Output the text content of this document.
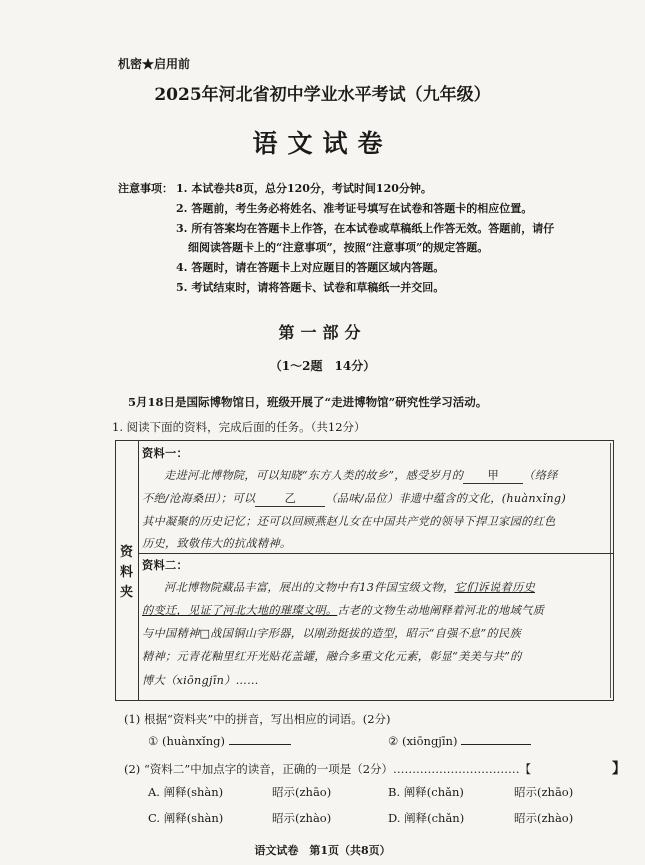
机密★启用前
2025年河北省初中学业水平考试（九年级）
语文试卷
注意事项： 1. 本试卷共8页，总分120分，考试时间120分钟。
2. 答题前，考生务必将姓名、准考证号填写在试卷和答题卡的相应位置。
3. 所有答案均在答题卡上作答，在本试卷或草稿纸上作答无效。答题前，请仔
细阅读答题卡上的“注意事项”，按照“注意事项”的规定答题。
4. 答题时，请在答题卡上对应题目的答题区域内答题。
5. 考试结束时，请将答题卡、试卷和草稿纸一并交回。
第一部分
（1～2题　14分）
5月18日是国际博物馆日，班级开展了“走进博物馆”研究性学习活动。
1. 阅读下面的资料，完成后面的任务。（共12分）
资
料
夹
资料一：
走进河北博物院，可以知晓“东方人类的故乡”，感受岁月的 甲 （络绎
不绝/沧海桑田）；可以	乙	（品味/品位）非遗中蕴含的文化，(huànxǐng)
其中凝聚的历史记忆；还可以回顾燕赵儿女在中国共产党的领导下捍卫家园的红色
历史，致敬伟大的抗战精神。
资料二：
河北博物院藏品丰富，展出的文物中有13件国宝级文物，它们诉说着历史
的变迁，见证了河北大地的璀璨文明。古老的文物生动地阐释着河北的地域气质
与中国精神□战国铜山字形器，以刚劲挺拔的造型，昭示“自强不息”的民族
精神；元青花釉里红开光贴花盖罐，融合多重文化元素，彰显“美美与共”的
博大（xiōngjīn）……
(1) 根据“资料夹”中的拼音，写出相应的词语。(2分)
① (huànxǐng)	② (xiōngjīn)
(2) “资料二”中加点字的读音，正确的一项是（2分）……………………………【	】
A. 阐释(shàn)	昭示(zhāo)	B. 阐释(chǎn)	昭示(zhāo)
C. 阐释(shàn)	昭示(zhào)	D. 阐释(chǎn)	昭示(zhào)
语文试卷　第1页（共8页）
